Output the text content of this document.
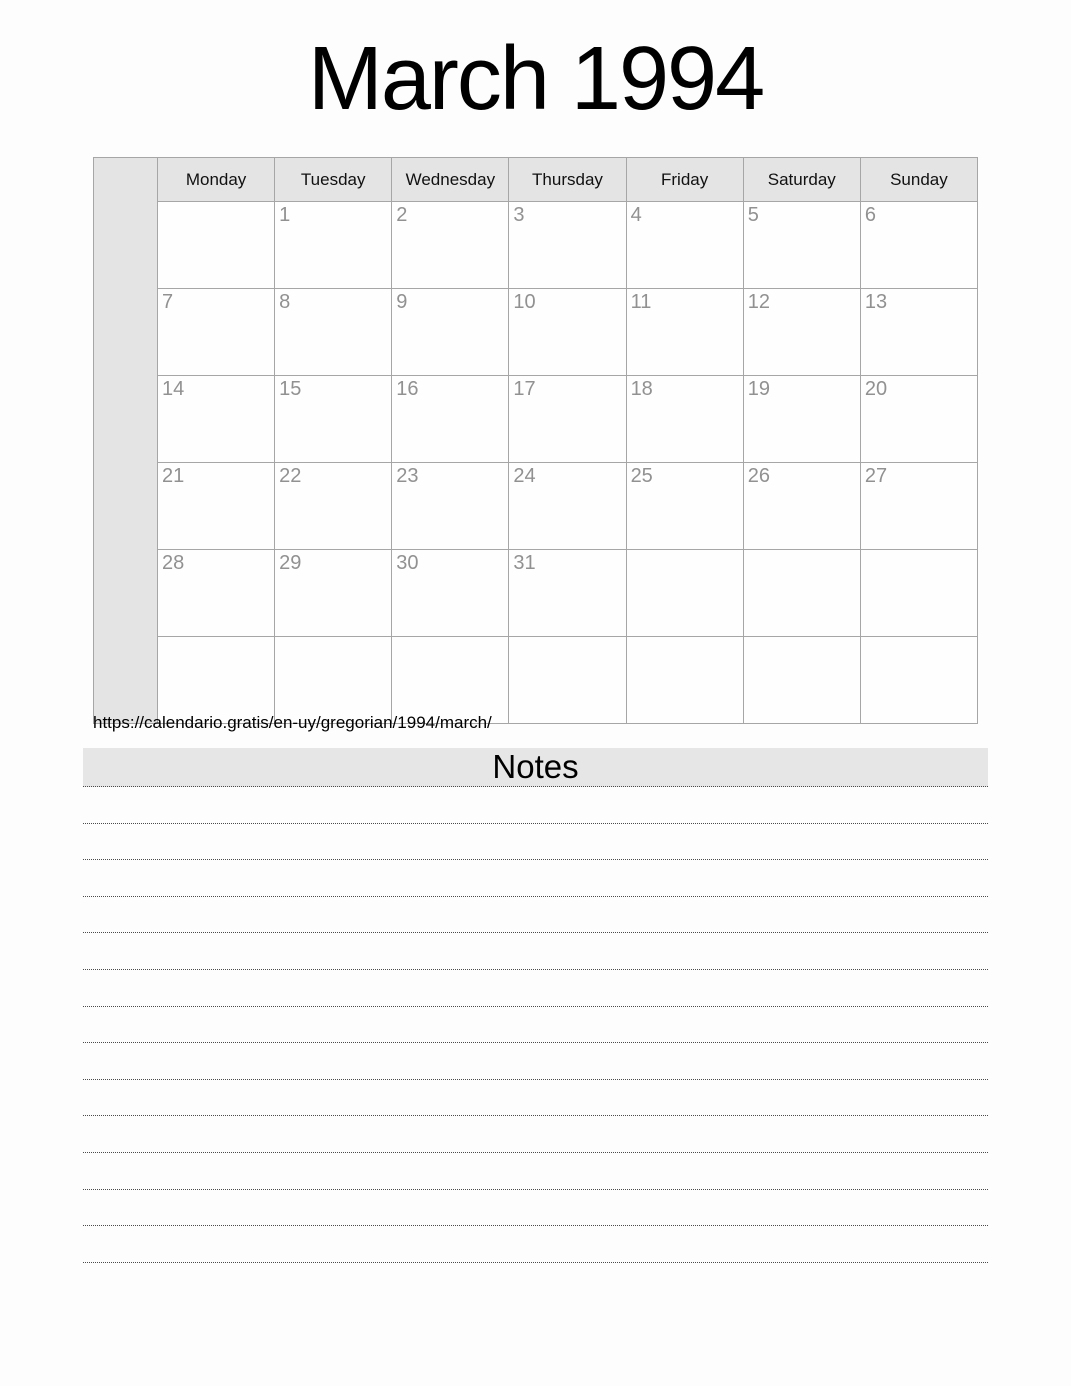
March 1994
	Monday	Tuesday	Wednesday	Thursday	Friday	Saturday	Sunday
		1	2	3	4	5	6
	7	8	9	10	11	12	13
	14	15	16	17	18	19	20
	21	22	23	24	25	26	27
	28	29	30	31			

https://calendario.gratis/en-uy/gregorian/1994/march/
Notes
